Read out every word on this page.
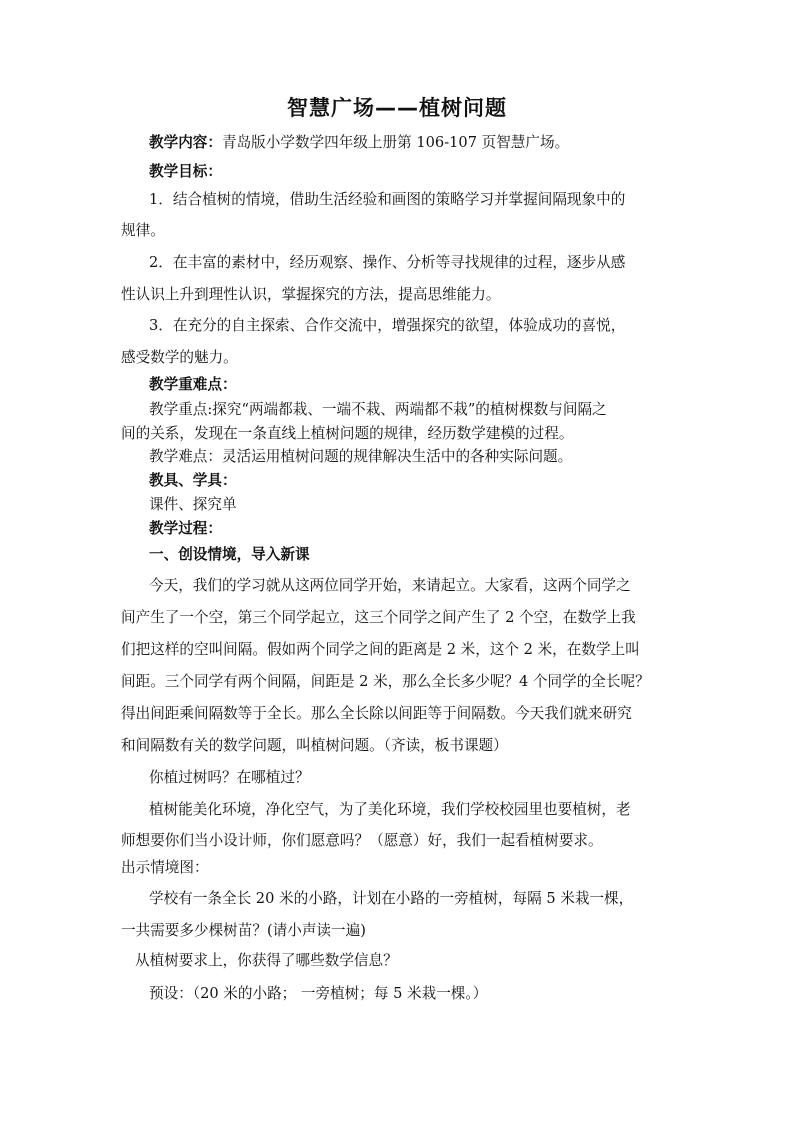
智慧广场——植树问题
教学内容：青岛版小学数学四年级上册第 106-107 页智慧广场。
教学目标：
1．结合植树的情境，借助生活经验和画图的策略学习并掌握间隔现象中的
规律。
2．在丰富的素材中，经历观察、操作、分析等寻找规律的过程，逐步从感
性认识上升到理性认识，掌握探究的方法，提高思维能力。
3．在充分的自主探索、合作交流中，增强探究的欲望，体验成功的喜悦，
感受数学的魅力。
教学重难点：
教学重点:探究“两端都栽、一端不栽、两端都不栽”的植树棵数与间隔之
间的关系，发现在一条直线上植树问题的规律，经历数学建模的过程。
教学难点：灵活运用植树问题的规律解决生活中的各种实际问题。
教具、学具：
课件、探究单
教学过程：
一、创设情境，导入新课
今天，我们的学习就从这两位同学开始，来请起立。大家看，这两个同学之
间产生了一个空，第三个同学起立，这三个同学之间产生了 2 个空，在数学上我
们把这样的空叫间隔。假如两个同学之间的距离是 2 米，这个 2 米，在数学上叫
间距。三个同学有两个间隔，间距是 2 米，那么全长多少呢？4 个同学的全长呢？
得出间距乘间隔数等于全长。那么全长除以间距等于间隔数。今天我们就来研究
和间隔数有关的数学问题，叫植树问题。（齐读，板书课题）
你植过树吗？在哪植过？
植树能美化环境，净化空气，为了美化环境，我们学校校园里也要植树，老
师想要你们当小设计师，你们愿意吗？（愿意）好，我们一起看植树要求。
出示情境图：
学校有一条全长 20 米的小路，计划在小路的一旁植树，每隔 5 米栽一棵，
一共需要多少棵树苗？(请小声读一遍)
从植树要求上，你获得了哪些数学信息？
预设：（20 米的小路； 一旁植树；每 5 米栽一棵。）
